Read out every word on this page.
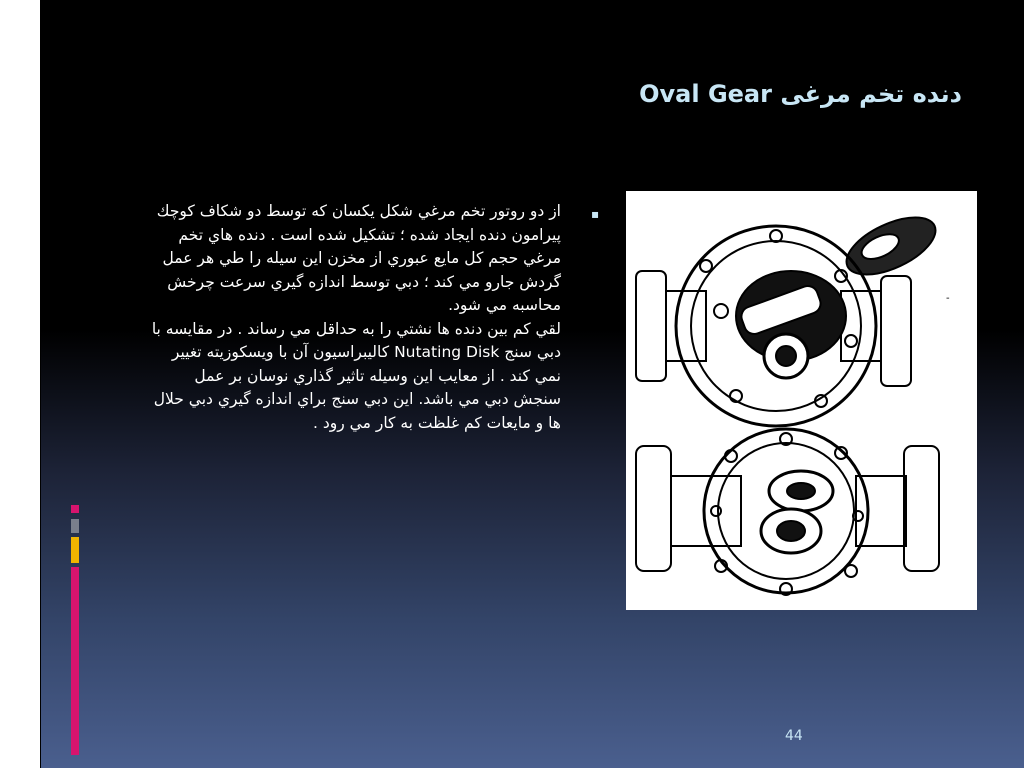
دنده تخم مرغی Oval Gear
▪

از دو روتور تخم مرغي شكل يكسان كه توسط دو شكاف كوچك پيرامون دنده ايجاد شده ؛ تشكيل شده است . دنده هاي تخم مرغي حجم كل مايع عبوري از مخزن اين سيله را طي هر عمل گردش جارو مي كند ؛ دبي توسط اندازه گيري سرعت چرخش محاسبه مي شود.

لقي كم بين دنده ها نشتي را به حداقل مي رساند . در مقايسه با دبي سنج Nutating Disk كاليبراسيون آن با ويسكوزيته تغيير نمي كند . از معايب اين وسيله تاثير گذاري نوسان بر عمل سنجش دبي مي باشد. اين دبي سنج براي اندازه گيري دبي حلال ها و مايعات كم غلظت به كار مي رود .

-
44
